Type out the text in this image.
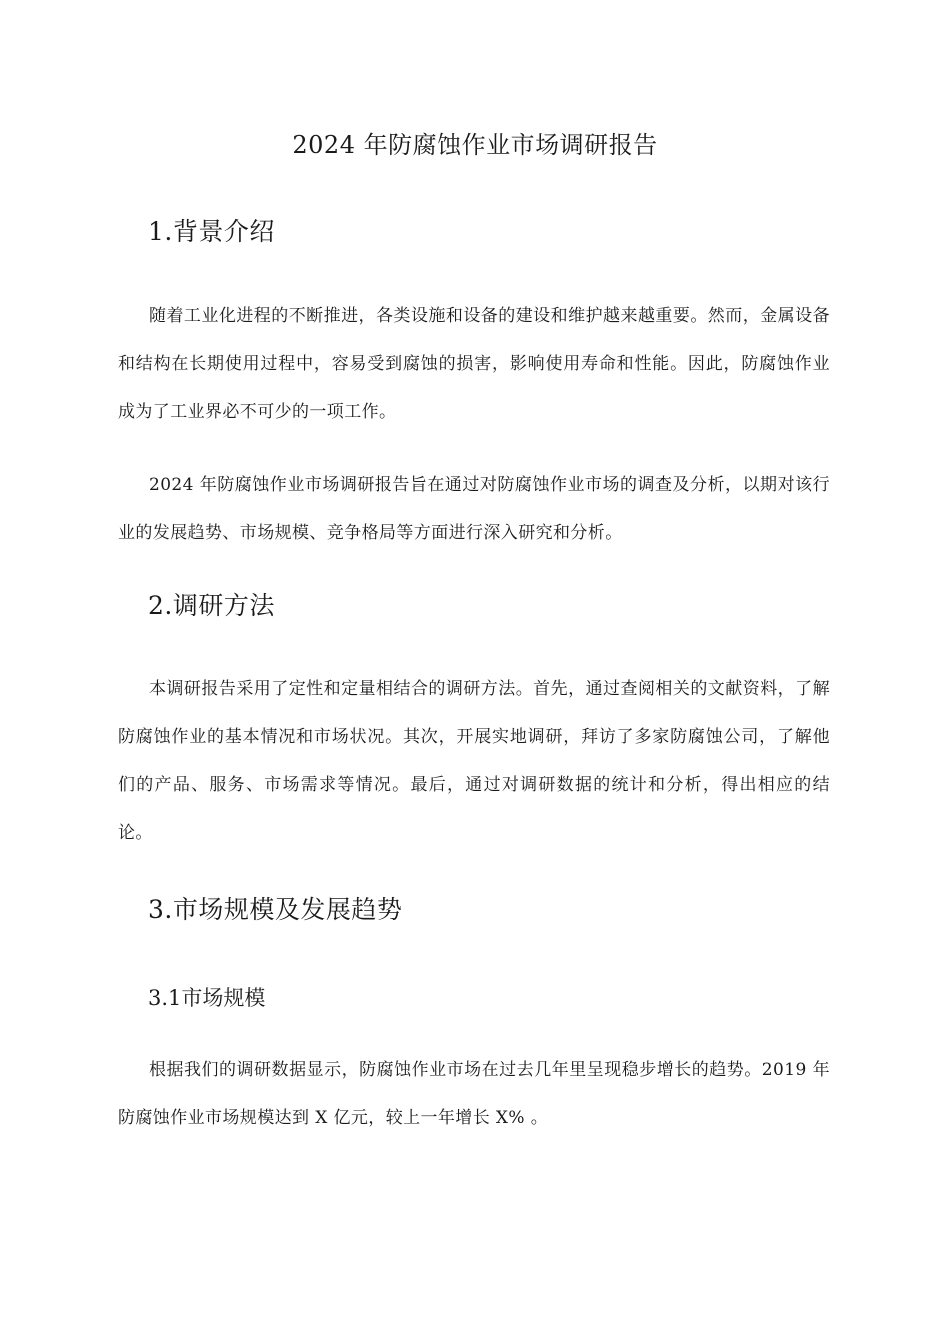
2024 年防腐蚀作业市场调研报告
1.背景介绍
随着工业化进程的不断推进，各类设施和设备的建设和维护越来越重要。然而，金属设备和结构在长期使用过程中，容易受到腐蚀的损害，影响使用寿命和性能。因此，防腐蚀作业成为了工业界必不可少的一项工作。
2024 年防腐蚀作业市场调研报告旨在通过对防腐蚀作业市场的调查及分析，以期对该行业的发展趋势、市场规模、竞争格局等方面进行深入研究和分析。
2.调研方法
本调研报告采用了定性和定量相结合的调研方法。首先，通过查阅相关的文献资料，了解防腐蚀作业的基本情况和市场状况。其次，开展实地调研，拜访了多家防腐蚀公司，了解他们的产品、服务、市场需求等情况。最后，通过对调研数据的统计和分析，得出相应的结论。
3.市场规模及发展趋势
3.1市场规模
根据我们的调研数据显示，防腐蚀作业市场在过去几年里呈现稳步增长的趋势。2019 年防腐蚀作业市场规模达到 X 亿元，较上一年增长 X% 。
